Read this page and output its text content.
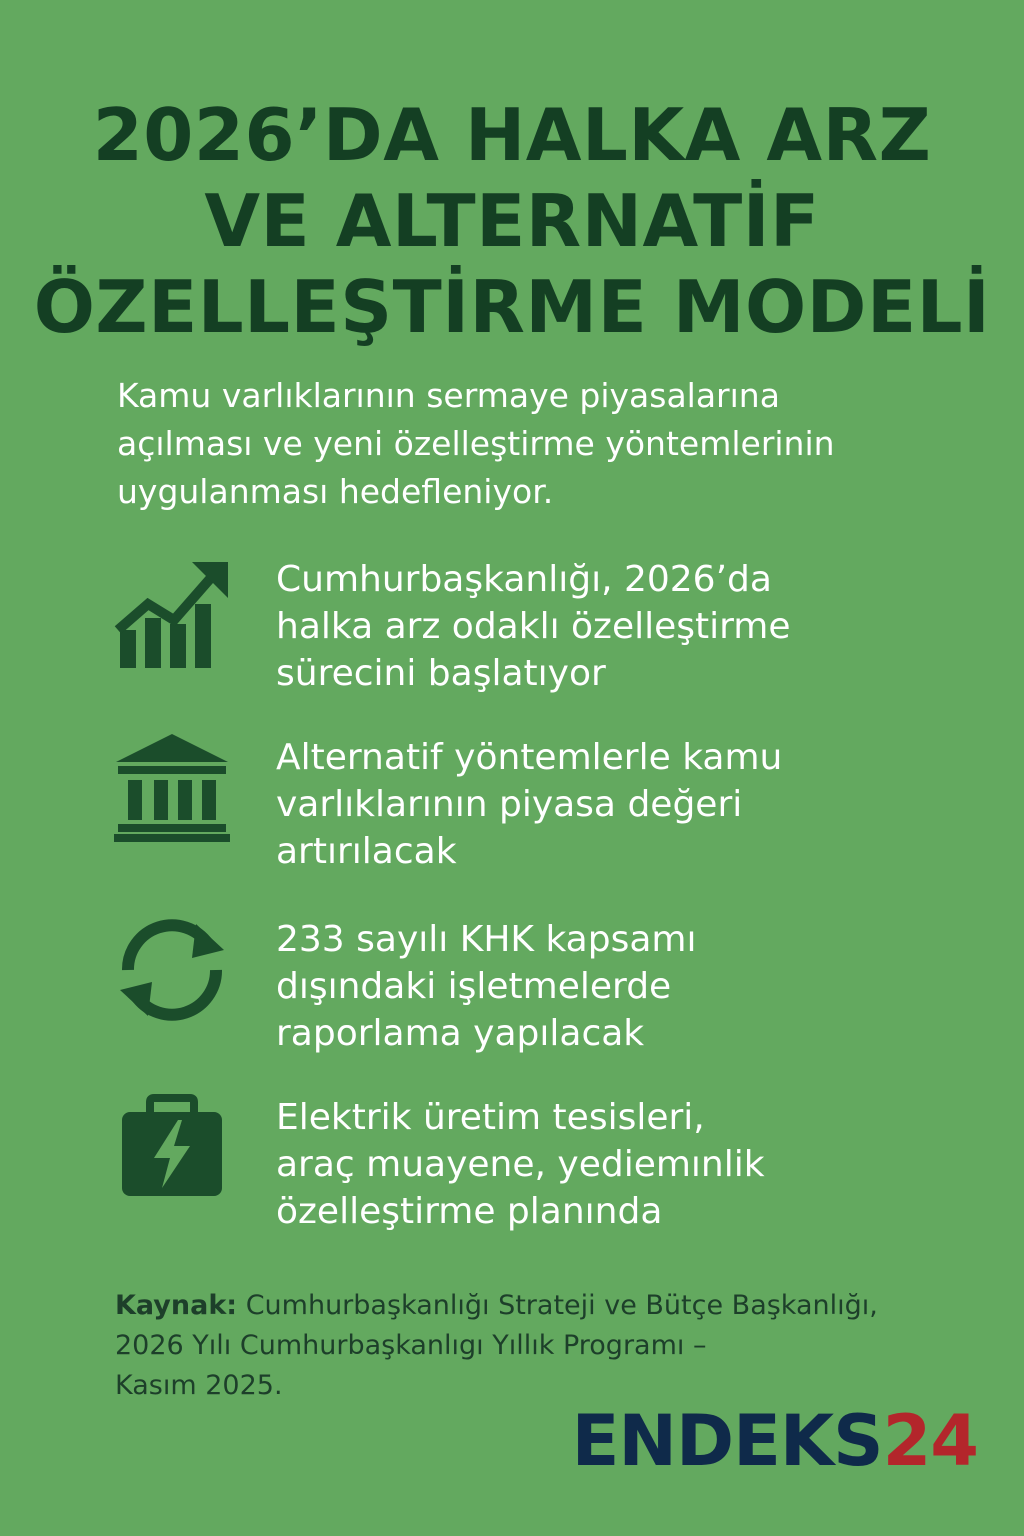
2026’DA HALKA ARZ
VE ALTERNATİF
ÖZELLEŞTİRME MODELİ
Kamu varlıklarının sermaye piyasalarına
açılması ve yeni özelleştirme yöntemlerinin
uygulanması hedefleniyor.
Cumhurbaşkanlığı, 2026’da
halka arz odaklı özelleştirme
sürecini başlatıyor
Alternatif yöntemlerle kamu
varlıklarının piyasa değeri
artırılacak
233 sayılı KHK kapsamı
dışındaki işletmelerde
raporlama yapılacak
Elektrik üretim tesisleri,
araç muayene, yediemınlik
özelleştirme planında
Kaynak: Cumhurbaşkanlığı Strateji ve Bütçe Başkanlığı,
2026 Yılı Cumhurbaşkanlıgı Yıllık Programı –
Kasım 2025.
ENDEKS24
